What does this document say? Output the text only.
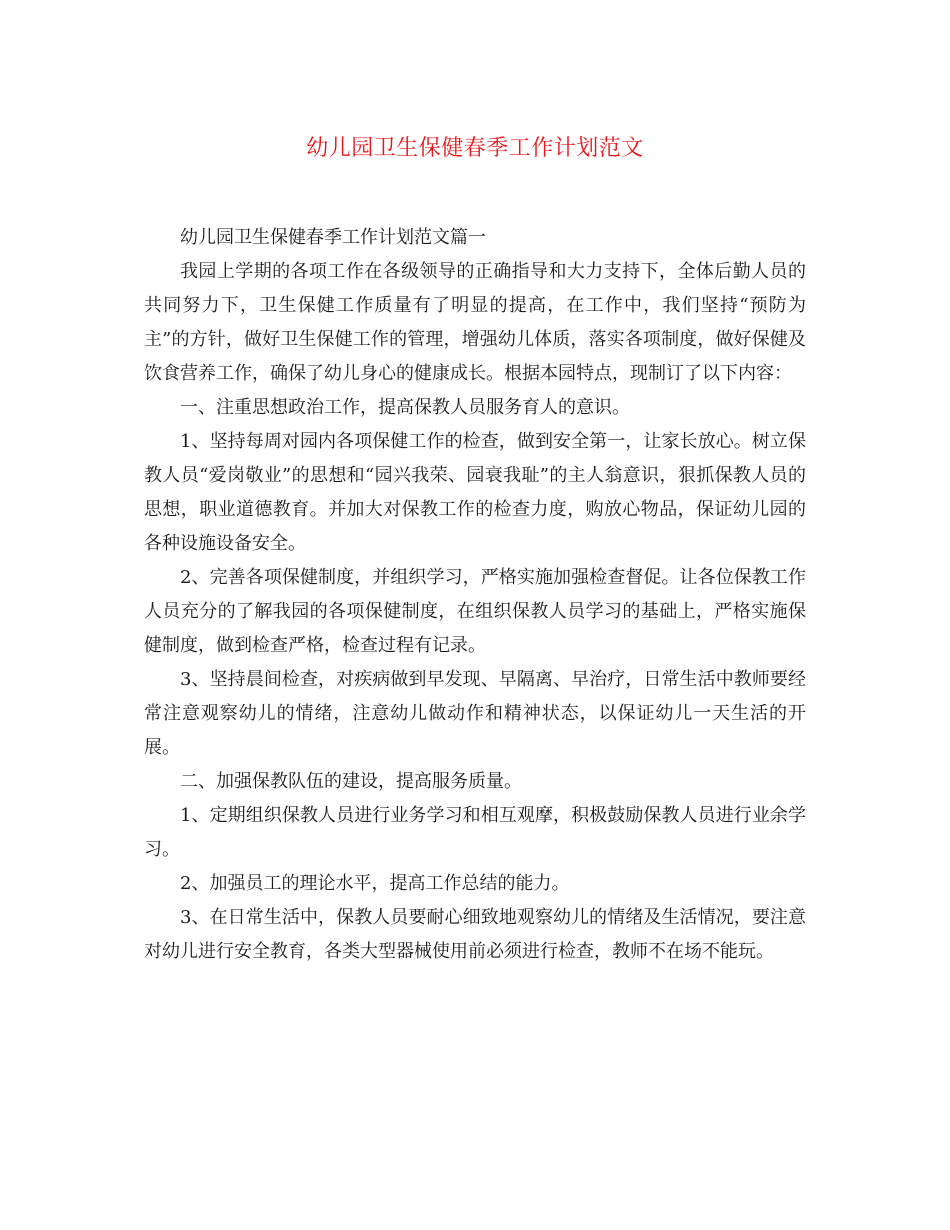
幼儿园卫生保健春季工作计划范文

幼儿园卫生保健春季工作计划范文篇一

我园上学期的各项工作在各级领导的正确指导和大力支持下，全体后勤人员的共同努力下，卫生保健工作质量有了明显的提高，在工作中，我们坚持“预防为主”的方针，做好卫生保健工作的管理，增强幼儿体质，落实各项制度，做好保健及饮食营养工作，确保了幼儿身心的健康成长。根据本园特点，现制订了以下内容：

一、注重思想政治工作，提高保教人员服务育人的意识。

1、坚持每周对园内各项保健工作的检查，做到安全第一，让家长放心。树立保教人员“爱岗敬业”的思想和“园兴我荣、园衰我耻”的主人翁意识，狠抓保教人员的思想，职业道德教育。并加大对保教工作的检查力度，购放心物品，保证幼儿园的各种设施设备安全。

2、完善各项保健制度，并组织学习，严格实施加强检查督促。让各位保教工作人员充分的了解我园的各项保健制度，在组织保教人员学习的基础上，严格实施保健制度，做到检查严格，检查过程有记录。

3、坚持晨间检查，对疾病做到早发现、早隔离、早治疗，日常生活中教师要经常注意观察幼儿的情绪，注意幼儿做动作和精神状态，以保证幼儿一天生活的开展。

二、加强保教队伍的建设，提高服务质量。

1、定期组织保教人员进行业务学习和相互观摩，积极鼓励保教人员进行业余学习。

2、加强员工的理论水平，提高工作总结的能力。

3、在日常生活中，保教人员要耐心细致地观察幼儿的情绪及生活情况，要注意对幼儿进行安全教育，各类大型器械使用前必须进行检查，教师不在场不能玩。
